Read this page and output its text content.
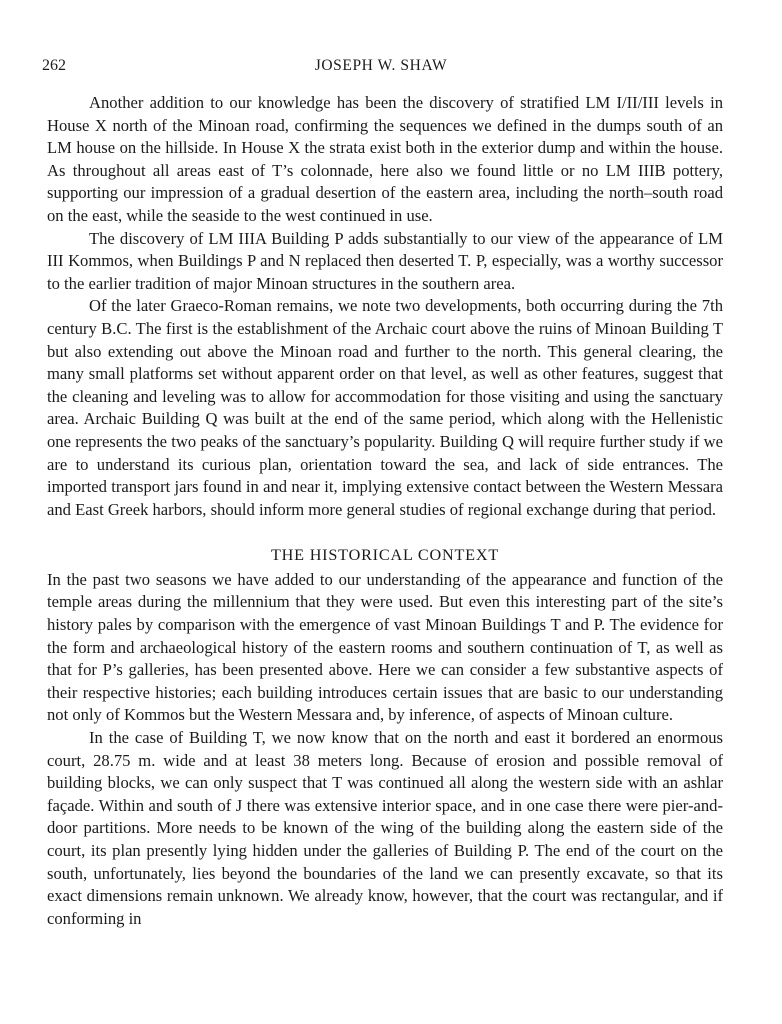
262	JOSEPH W. SHAW

Another addition to our knowledge has been the discovery of stratified LM I/II/III levels in House X north of the Minoan road, confirming the sequences we defined in the dumps south of an LM house on the hillside. In House X the strata exist both in the exterior dump and within the house. As throughout all areas east of T’s colonnade, here also we found little or no LM IIIB pottery, supporting our impression of a gradual desertion of the eastern area, including the north–south road on the east, while the seaside to the west continued in use.

The discovery of LM IIIA Building P adds substantially to our view of the appearance of LM III Kommos, when Buildings P and N replaced then deserted T. P, especially, was a worthy successor to the earlier tradition of major Minoan structures in the southern area.

Of the later Graeco-Roman remains, we note two developments, both occurring during the 7th century B.C. The first is the establishment of the Archaic court above the ruins of Minoan Building T but also extending out above the Minoan road and further to the north. This general clearing, the many small platforms set without apparent order on that level, as well as other features, suggest that the cleaning and leveling was to allow for accommodation for those visiting and using the sanctuary area. Archaic Building Q was built at the end of the same period, which along with the Hellenistic one represents the two peaks of the sanctuary’s popularity. Building Q will require further study if we are to understand its curious plan, orientation toward the sea, and lack of side entrances. The imported transport jars found in and near it, implying extensive contact between the Western Messara and East Greek harbors, should inform more general studies of regional exchange during that period.

THE HISTORICAL CONTEXT

In the past two seasons we have added to our understanding of the appearance and function of the temple areas during the millennium that they were used. But even this interesting part of the site’s history pales by comparison with the emergence of vast Minoan Buildings T and P. The evidence for the form and archaeological history of the eastern rooms and southern continuation of T, as well as that for P’s galleries, has been presented above. Here we can consider a few substantive aspects of their respective histories; each building introduces certain issues that are basic to our understanding not only of Kommos but the Western Messara and, by inference, of aspects of Minoan culture.

In the case of Building T, we now know that on the north and east it bordered an enormous court, 28.75 m. wide and at least 38 meters long. Because of erosion and possible removal of building blocks, we can only suspect that T was continued all along the western side with an ashlar façade. Within and south of J there was extensive interior space, and in one case there were pier-and-door partitions. More needs to be known of the wing of the building along the eastern side of the court, its plan presently lying hidden under the galleries of Building P. The end of the court on the south, unfortunately, lies beyond the boundaries of the land we can presently excavate, so that its exact dimensions remain unknown. We already know, however, that the court was rectangular, and if conforming in
